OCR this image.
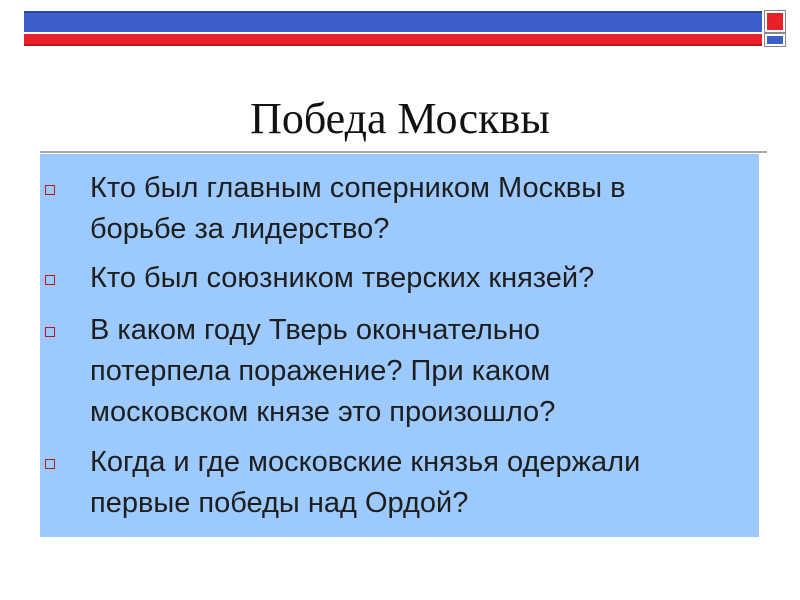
Победа Москвы
Кто был главным соперником Москвы в
борьбе за лидерство?
Кто был союзником тверских князей?
В каком году Тверь окончательно
потерпела поражение? При каком
московском князе это произошло?
Когда и где московские князья одержали
первые победы над Ордой?
